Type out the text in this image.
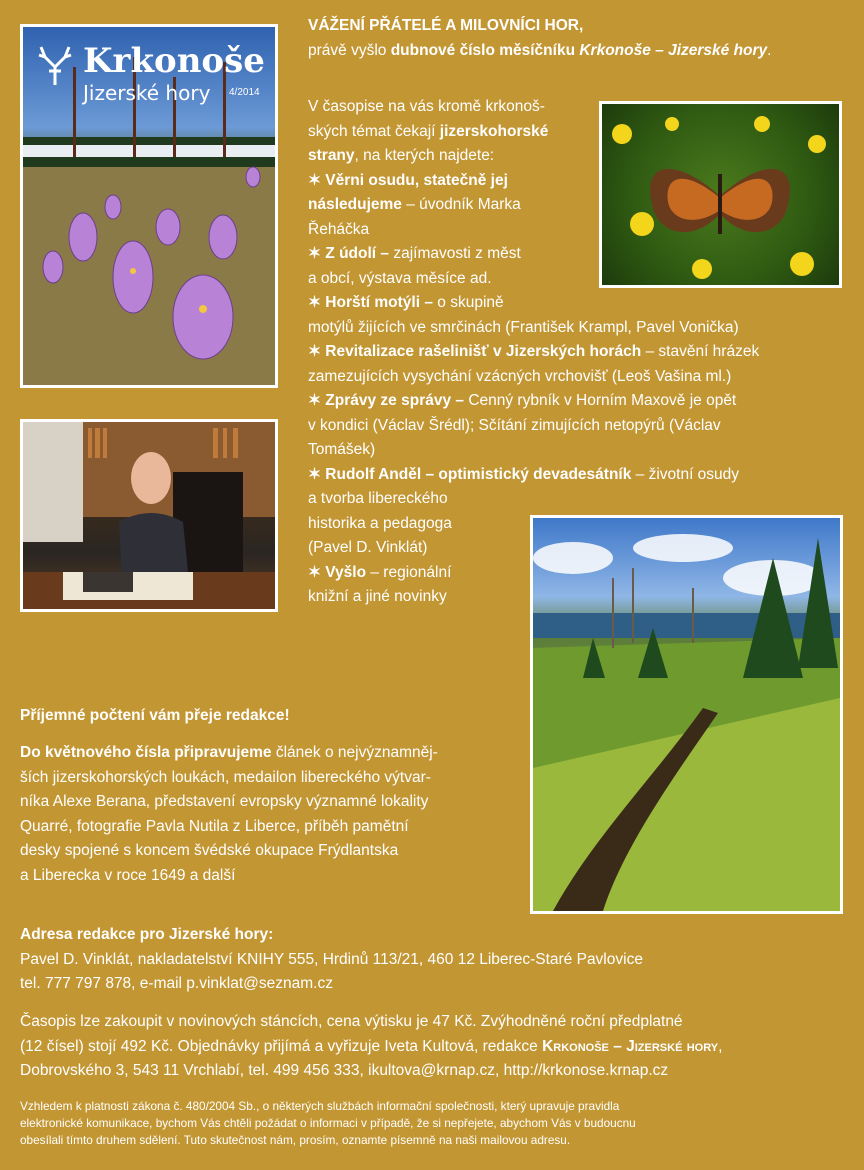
Krkonoše
Jizerské hory 4/2014

VÁŽENÍ PŘÁTELÉ A MILOVNÍCI HOR,

právě vyšlo dubnové číslo měsíčníku Krkonoše – Jizerské hory.

V časopise na vás kromě krkonoš-

ských témat čekají jizerskohorské

strany, na kterých najdete:

✶ Věrni osudu, statečně jej

následujeme – úvodník Marka

Řeháčka

✶ Z údolí – zajímavosti z měst

a obcí, výstava měsíce ad.

✶ Horští motýli – o skupině

motýlů žijících ve smrčinách (František Krampl, Pavel Vonička)

✶ Revitalizace rašelinišť v Jizerských horách – stavění hrázek

zamezujících vysychání vzácných vrchovišť (Leoš Vašina ml.)

✶ Zprávy ze správy – Cenný rybník v Horním Maxově je opět

v kondici (Václav Šrédl); Sčítání zimujících netopýrů (Václav

Tomášek)

✶ Rudolf Anděl – optimistický devadesátník – životní osudy

a tvorba libereckého

historika a pedagoga

(Pavel D. Vinklát)

✶ Vyšlo – regionální

knižní a jiné novinky

Příjemné počtení vám přeje redakce!

Do květnového čísla připravujeme článek o nejvýznamněj-

ších jizerskohorských loukách, medailon libereckého výtvar-

níka Alexe Berana, představení evropsky významné lokality

Quarré, fotografie Pavla Nutila z Liberce, příběh pamětní

desky spojené s koncem švédské okupace Frýdlantska

a Liberecka v roce 1649 a další

Adresa redakce pro Jizerské hory:

Pavel D. Vinklát, nakladatelství KNIHY 555, Hrdinů 113/21, 460 12 Liberec-Staré Pavlovice

tel. 777 797 878, e-mail p.vinklat@seznam.cz

Časopis lze zakoupit v novinových stáncích, cena výtisku je 47 Kč. Zvýhodněné roční předplatné

(12 čísel) stojí 492 Kč. Objednávky přijímá a vyřizuje Iveta Kultová, redakce Krkonoše – Jizerské hory,

Dobrovského 3, 543 11 Vrchlabí, tel. 499 456 333, ikultova@krnap.cz, http://krkonose.krnap.cz

Vzhledem k platnosti zákona č. 480/2004 Sb., o některých službách informační společnosti, který upravuje pravidla

elektronické komunikace, bychom Vás chtěli požádat o informaci v případě, že si nepřejete, abychom Vás v budoucnu

obesílali tímto druhem sdělení. Tuto skutečnost nám, prosím, oznamte písemně na naši mailovou adresu.
